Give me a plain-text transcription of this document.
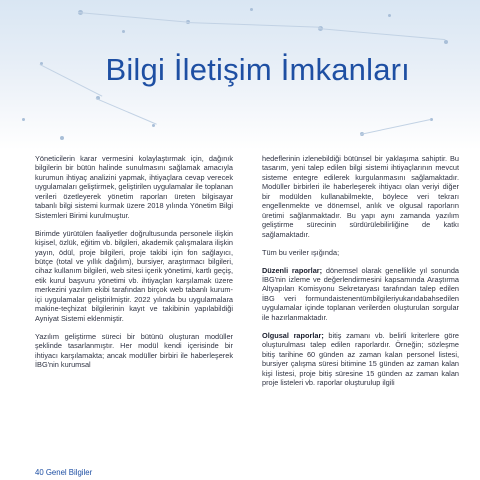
Bilgi İletişim İmkanları

Yöneticilerin karar vermesini kolaylaştırmak için, dağınık bilgilerin bir bütün halinde sunulmasını sağlamak amacıyla kurumun ihtiyaç analizini yapmak, ihtiyaçlara cevap verecek uygulamaları geliştirmek, geliştirilen uygulamalar ile toplanan verileri özetleyerek yönetim raporları üreten bilgisayar tabanlı bilgi sistemi kurmak üzere 2018 yılında Yönetim Bilgi Sistemleri Birimi kurulmuştur.

Birimde yürütülen faaliyetler doğrultusunda personele ilişkin kişisel, özlük, eğitim vb. bilgileri, akademik çalışmalara ilişkin yayın, ödül, proje bilgileri, proje takibi için fon sağlayıcı, bütçe (total ve yıllık dağılım), bursiyer, araştırmacı bilgileri, cihaz kullanım bilgileri, web sitesi içerik yönetimi, kartlı geçiş, etik kurul başvuru yönetimi vb. ihtiyaçları karşılamak üzere merkezini yazılım ekibi tarafından birçok web tabanlı kurum-içi uygulamalar geliştirilmiştir. 2022 yılında bu uygulamalara makine-teçhizat bilgilerinin kayıt ve takibinin yapılabildiği Ayniyat Sistemi eklenmiştir.

Yazılım geliştirme süreci bir bütünü oluşturan modüller şeklinde tasarlanmıştır. Her modül kendi içerisinde bir ihtiyacı karşılamakta; ancak modüller birbiri ile haberleşerek İBG'nin kurumsal

hedeflerinin izlenebildiği bütünsel bir yaklaşıma sahiptir. Bu tasarım, yeni talep edilen bilgi sistemi ihtiyaçlarının mevcut sisteme entegre edilerek kurgulanmasını sağlamaktadır. Modüller birbirleri ile haberleşerek ihtiyacı olan veriyi diğer bir modülden kullanabilmekte, böylece veri tekrarı engellenmekte ve dönemsel, anlık ve olgusal raporların üretimi sağlanmaktadır. Bu yapı aynı zamanda yazılım geliştirme sürecinin sürdürülebilirliğine de katkı sağlamaktadır.

Tüm bu veriler ışığında;

Düzenli raporlar; dönemsel olarak genellikle yıl sonunda İBG'nin izleme ve değerlendirmesini kapsamında Araştırma Altyapıları Komisyonu Sekretaryası tarafından talep edilen İBG veri formundaistenentümbilgileriyukarıdabahsedilen uygulamalar içinde toplanan verilerden oluşturulan sorgular ile hazırlanmaktadır.

Olgusal raporlar; bitiş zamanı vb. belirli kriterlere göre oluşturulması talep edilen raporlardır. Örneğin; sözleşme bitiş tarihine 60 günden az zaman kalan personel listesi, bursiyer çalışma süresi bitimine 15 günden az zaman kalan kişi listesi, proje bitiş süresine 15 günden az zaman kalan proje listeleri vb. raporlar oluşturulup ilgili

40 Genel Bilgiler
